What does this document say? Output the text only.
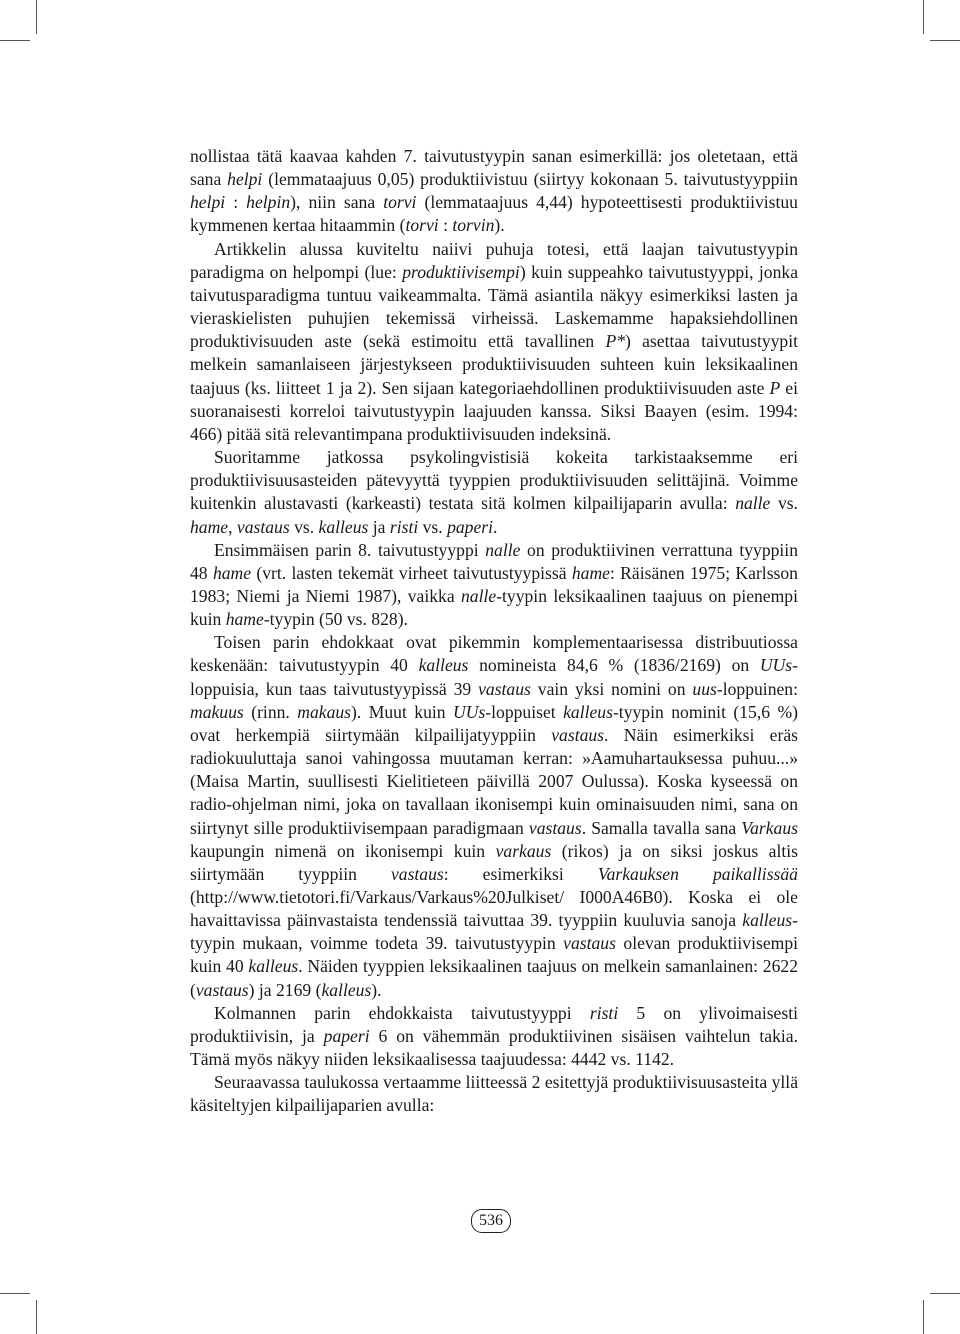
nollistaa tätä kaavaa kahden 7. taivutustyypin sanan esimerkillä: jos oletetaan, että sana helpi (lemmataajuus 0,05) produktiivistuu (siirtyy kokonaan 5. taivutustyyppiin helpi : helpin), niin sana torvi (lemmataajuus 4,44) hypoteettisesti produktiivistuu kymmenen kertaa hitaammin (torvi : torvin).

Artikkelin alussa kuviteltu naiivi puhuja totesi, että laajan taivutustyypin paradigma on helpompi (lue: produktiivisempi) kuin suppeahko taivutustyyppi, jonka taivutusparadigma tuntuu vaikeammalta. Tämä asiantila näkyy esimerkiksi lasten ja vieraskielisten puhujien tekemissä virheissä. Laskemamme hapaksiehdollinen produktivisuuden aste (sekä estimoitu että tavallinen P*) asettaa taivutustyypit melkein samanlaiseen järjestykseen produktiivisuuden suhteen kuin leksikaalinen taajuus (ks. liitteet 1 ja 2). Sen sijaan kategoriaehdollinen produktiivisuuden aste P ei suoranaisesti korreloi taivutustyypin laajuuden kanssa. Siksi Baayen (esim. 1994: 466) pitää sitä relevantimpana produktiivisuuden indeksinä.

Suoritamme jatkossa psykolingvistisiä kokeita tarkistaaksemme eri produktiivisuusasteiden pätevyyttä tyyppien produktiivisuuden selittäjinä. Voimme kuitenkin alustavasti (karkeasti) testata sitä kolmen kilpailijaparin avulla: nalle vs. hame, vastaus vs. kalleus ja risti vs. paperi.

Ensimmäisen parin 8. taivutustyyppi nalle on produktiivinen verrattuna tyyppiin 48 hame (vrt. lasten tekemät virheet taivutustyypissä hame: Räisänen 1975; Karlsson 1983; Niemi ja Niemi 1987), vaikka nalle-tyypin leksikaalinen taajuus on pienempi kuin hame-tyypin (50 vs. 828).

Toisen parin ehdokkaat ovat pikemmin komplementaarisessa distribuutiossa keskenään: taivutustyypin 40 kalleus nomineista 84,6 % (1836/2169) on UUs-loppuisia, kun taas taivutustyypissä 39 vastaus vain yksi nomini on uus-loppuinen: makuus (rinn. makaus). Muut kuin UUs-loppuiset kalleus-tyypin nominit (15,6 %) ovat herkempiä siirtymään kilpailijatyyppiin vastaus. Näin esimerkiksi eräs radiokuuluttaja sanoi vahingossa muutaman kerran: »Aamuhartauksessa puhuu...» (Maisa Martin, suullisesti Kielitieteen päivillä 2007 Oulussa). Koska kyseessä on radio-ohjelman nimi, joka on tavallaan ikonisempi kuin ominaisuuden nimi, sana on siirtynyt sille produktiivisempaan paradigmaan vastaus. Samalla tavalla sana Varkaus kaupungin nimenä on ikonisempi kuin varkaus (rikos) ja on siksi joskus altis siirtymään tyyppiin vastaus: esimerkiksi Varkauksen paikallissää (http://www.tietotori.fi/Varkaus/Varkaus%20Julkiset/ I000A46B0). Koska ei ole havaittavissa päinvastaista tendenssiä taivuttaa 39. tyyppiin kuuluvia sanoja kalleus-tyypin mukaan, voimme todeta 39. taivutustyypin vastaus olevan produktiivisempi kuin 40 kalleus. Näiden tyyppien leksikaalinen taajuus on melkein samanlainen: 2622 (vastaus) ja 2169 (kalleus).

Kolmannen parin ehdokkaista taivutustyyppi risti 5 on ylivoimaisesti produktiivisin, ja paperi 6 on vähemmän produktiivinen sisäisen vaihtelun takia. Tämä myös näkyy niiden leksikaalisessa taajuudessa: 4442 vs. 1142.

Seuraavassa taulukossa vertaamme liitteessä 2 esitettyjä produktiivisuusasteita yllä käsiteltyjen kilpailijaparien avulla:

536
